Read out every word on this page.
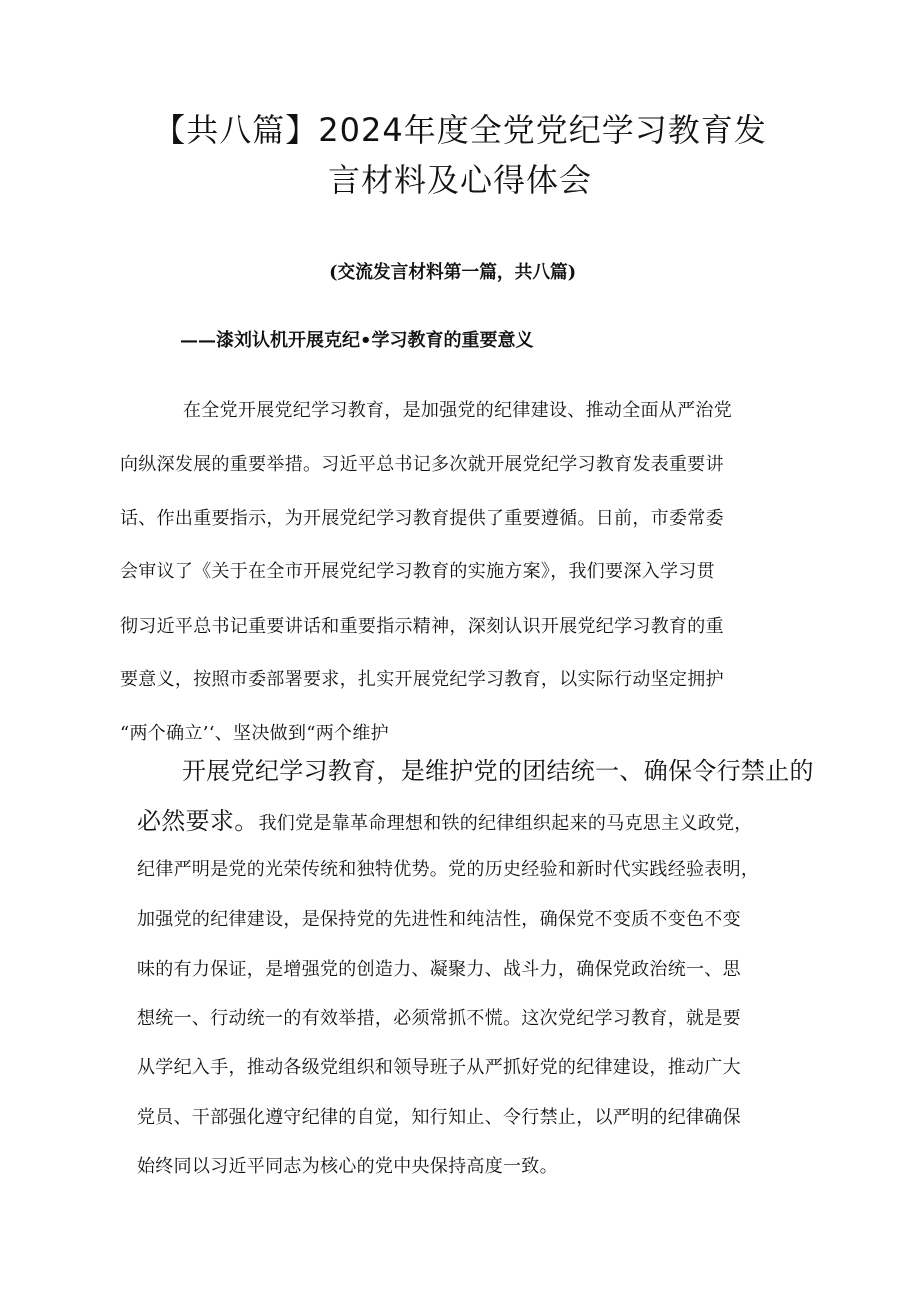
【共八篇】2024年度全党党纪学习教育发
言材料及心得体会
(交流发言材料第一篇，共八篇)
——漆刘认机开展克纪•学习教育的重要意义
在全党开展党纪学习教育，是加强党的纪律建设、推动全面从严治党
向纵深发展的重要举措。习近平总书记多次就开展党纪学习教育发表重要讲
话、作出重要指示，为开展党纪学习教育提供了重要遵循。日前，市委常委
会审议了《关于在全市开展党纪学习教育的实施方案》，我们要深入学习贯
彻习近平总书记重要讲话和重要指示精神，深刻认识开展党纪学习教育的重
要意义，按照市委部署要求，扎实开展党纪学习教育，以实际行动坚定拥护
“两个确立’‘、坚决做到“两个维护
开展党纪学习教育，是维护党的团结统一、确保令行禁止的
必然要求。我们党是靠革命理想和铁的纪律组织起来的马克思主义政党，
纪律严明是党的光荣传统和独特优势。党的历史经验和新时代实践经验表明，
加强党的纪律建设，是保持党的先进性和纯洁性，确保党不变质不变色不变
味的有力保证，是增强党的创造力、凝聚力、战斗力，确保党政治统一、思
想统一、行动统一的有效举措，必须常抓不慌。这次党纪学习教育，就是要
从学纪入手，推动各级党组织和领导班子从严抓好党的纪律建设，推动广大
党员、干部强化遵守纪律的自觉，知行知止、令行禁止，以严明的纪律确保
始终同以习近平同志为核心的党中央保持高度一致。
